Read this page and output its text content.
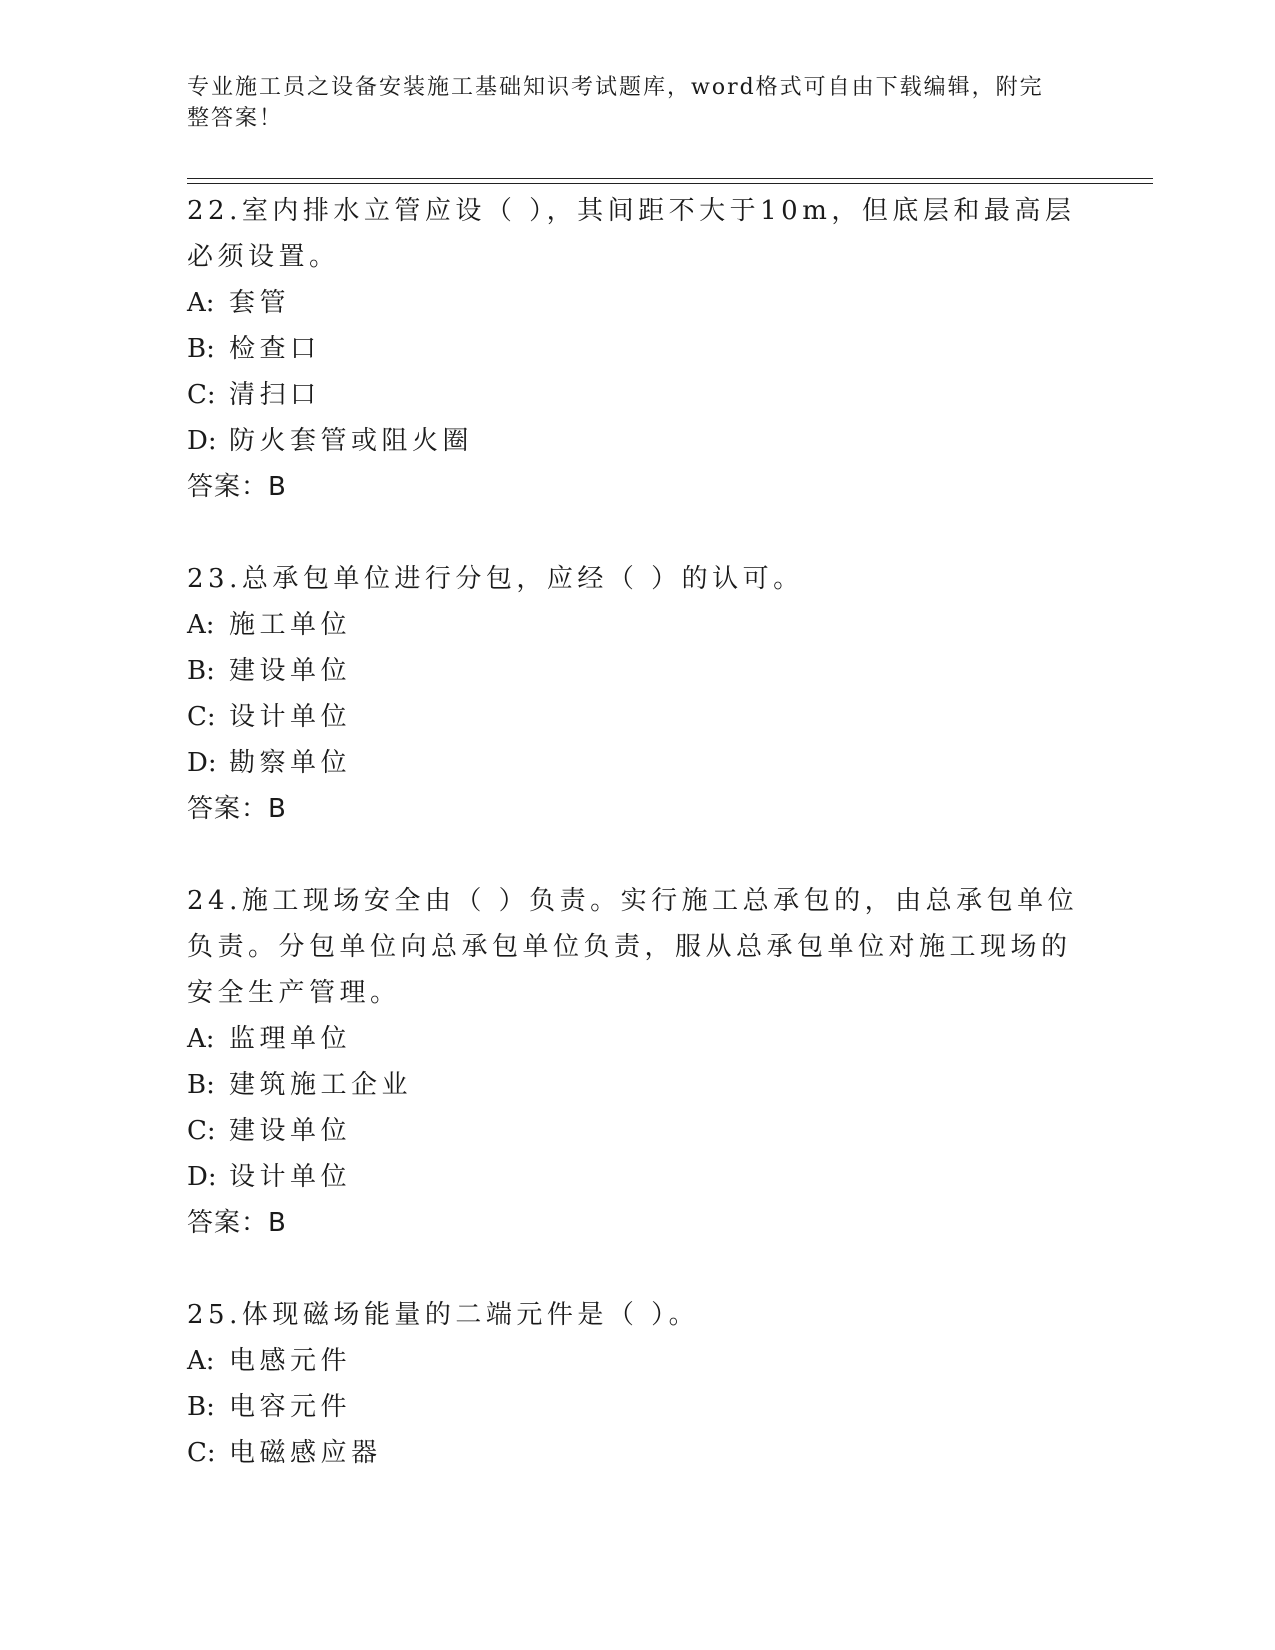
专业施工员之设备安装施工基础知识考试题库，word格式可自由下载编辑，附完
整答案！
22.室内排水立管应设（ ），其间距不大于10m，但底层和最高层必须设置。
A: 套管
B: 检查口
C: 清扫口
D: 防火套管或阻火圈
答案：B
23.总承包单位进行分包，应经（ ）的认可。
A: 施工单位
B: 建设单位
C: 设计单位
D: 勘察单位
答案：B
24.施工现场安全由（ ）负责。实行施工总承包的，由总承包单位负责。分包单位向总承包单位负责，服从总承包单位对施工现场的安全生产管理。
A: 监理单位
B: 建筑施工企业
C: 建设单位
D: 设计单位
答案：B
25.体现磁场能量的二端元件是（ ）。
A: 电感元件
B: 电容元件
C: 电磁感应器
